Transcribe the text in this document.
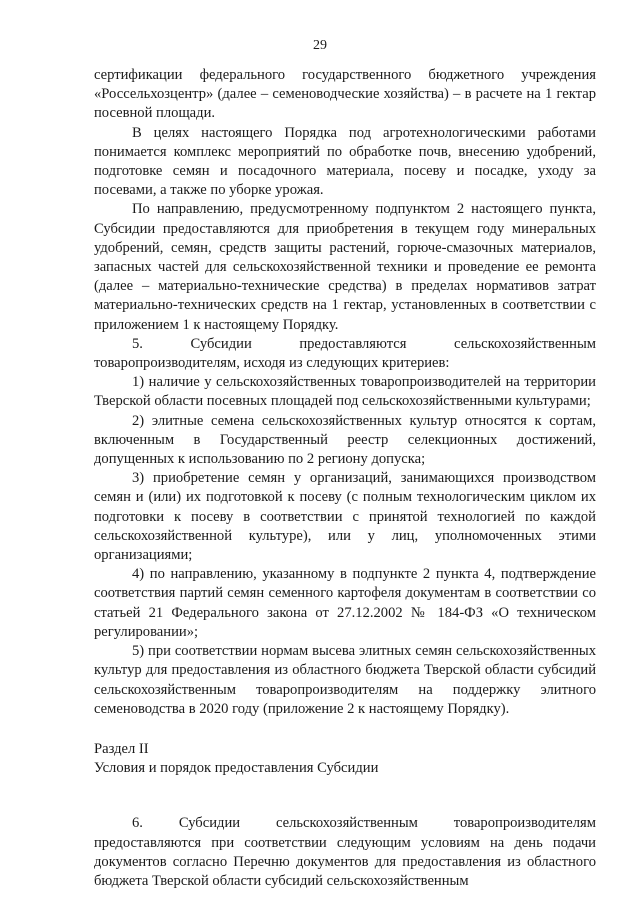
29

сертификации федерального государственного бюджетного учреждения «Россельхозцентр» (далее – семеноводческие хозяйства) – в расчете на 1 гектар посевной площади.

В целях настоящего Порядка под агротехнологическими работами понимается комплекс мероприятий по обработке почв, внесению удобрений, подготовке семян и посадочного материала, посеву и посадке, уходу за посевами, а также по уборке урожая.

По направлению, предусмотренному подпунктом 2 настоящего пункта, Субсидии предоставляются для приобретения в текущем году минеральных удобрений, семян, средств защиты растений, горюче-смазочных материалов, запасных частей для сельскохозяйственной техники и проведение ее ремонта (далее – материально-технические средства) в пределах нормативов затрат материально-технических средств на 1 гектар, установленных в соответствии с приложением 1 к настоящему Порядку.

5. Субсидии предоставляются сельскохозяйственным товаропроизводителям, исходя из следующих критериев:

1) наличие у сельскохозяйственных товаропроизводителей на территории Тверской области посевных площадей под сельскохозяйственными культурами;

2) элитные семена сельскохозяйственных культур относятся к сортам, включенным в Государственный реестр селекционных достижений, допущенных к использованию по 2 региону допуска;

3) приобретение семян у организаций, занимающихся производством семян и (или) их подготовкой к посеву (с полным технологическим циклом их подготовки к посеву в соответствии с принятой технологией по каждой сельскохозяйственной культуре), или у лиц, уполномоченных этими организациями;

4) по направлению, указанному в подпункте 2 пункта 4, подтверждение соответствия партий семян семенного картофеля документам в соответствии со статьей 21 Федерального закона от 27.12.2002 № 184-ФЗ «О техническом регулировании»;

5) при соответствии нормам высева элитных семян сельскохозяйственных культур для предоставления из областного бюджета Тверской области субсидий сельскохозяйственным товаропроизводителям на поддержку элитного семеноводства в 2020 году (приложение 2 к настоящему Порядку).

Раздел II

Условия и порядок предоставления Субсидии

6. Субсидии сельскохозяйственным товаропроизводителям предоставляются при соответствии следующим условиям на день подачи документов согласно Перечню документов для предоставления из областного бюджета Тверской области субсидий сельскохозяйственным
